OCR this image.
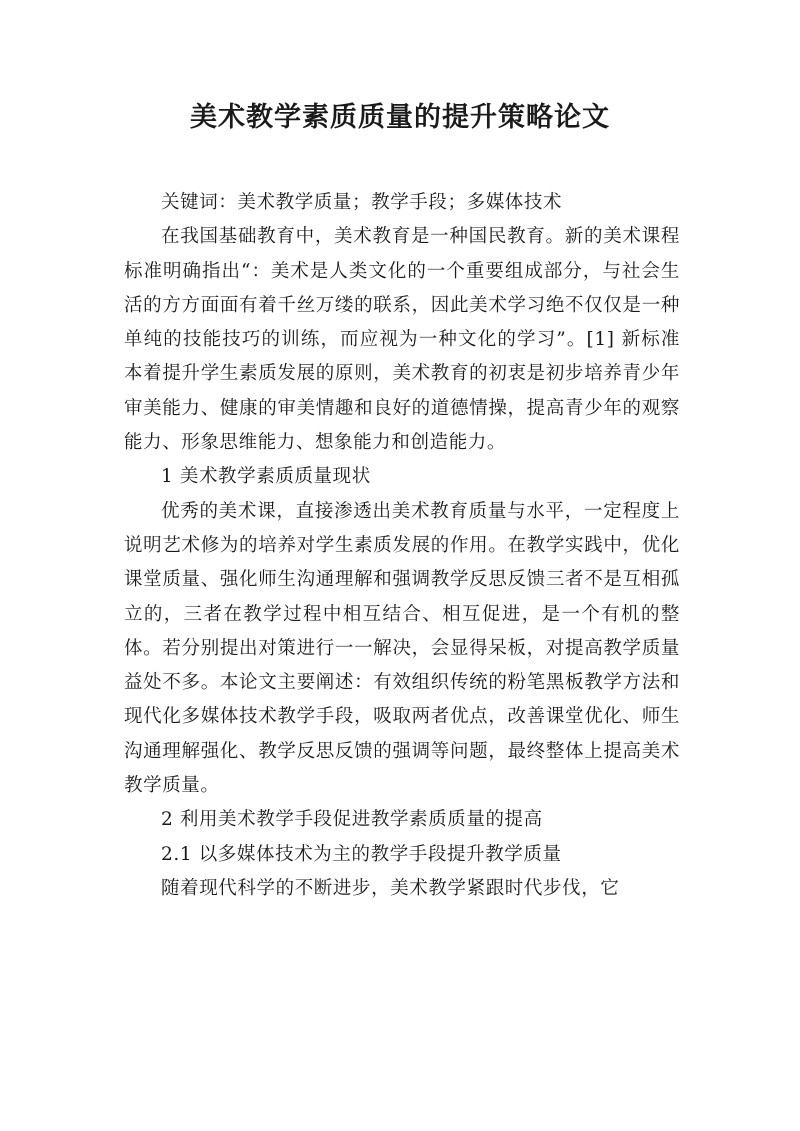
美术教学素质质量的提升策略论文

关键词：美术教学质量；教学手段；多媒体技术

在我国基础教育中，美术教育是一种国民教育。新的美术课程标准明确指出“：美术是人类文化的一个重要组成部分，与社会生活的方方面面有着千丝万缕的联系，因此美术学习绝不仅仅是一种单纯的技能技巧的训练，而应视为一种文化的学习”。[1] 新标准本着提升学生素质发展的原则，美术教育的初衷是初步培养青少年审美能力、健康的审美情趣和良好的道德情操，提高青少年的观察能力、形象思维能力、想象能力和创造能力。

1 美术教学素质质量现状

优秀的美术课，直接渗透出美术教育质量与水平，一定程度上说明艺术修为的培养对学生素质发展的作用。在教学实践中，优化课堂质量、强化师生沟通理解和强调教学反思反馈三者不是互相孤立的，三者在教学过程中相互结合、相互促进，是一个有机的整体。若分别提出对策进行一一解决，会显得呆板，对提高教学质量益处不多。本论文主要阐述：有效组织传统的粉笔黑板教学方法和现代化多媒体技术教学手段，吸取两者优点，改善课堂优化、师生沟通理解强化、教学反思反馈的强调等问题，最终整体上提高美术教学质量。

2 利用美术教学手段促进教学素质质量的提高

2.1 以多媒体技术为主的教学手段提升教学质量

随着现代科学的不断进步，美术教学紧跟时代步伐，它
